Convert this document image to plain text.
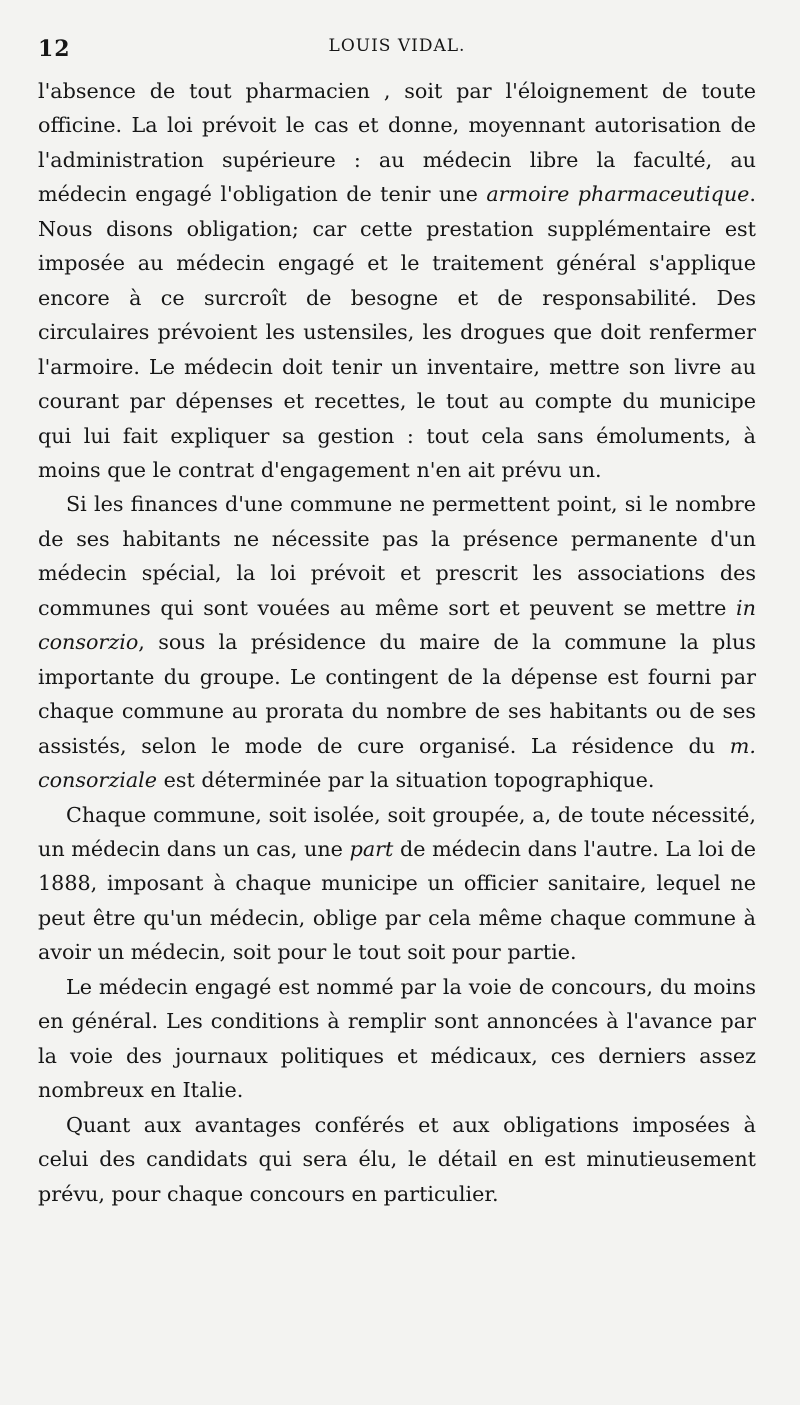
12	LOUIS VIDAL.

l'absence de tout pharmacien , soit par l'éloignement de toute officine. La loi prévoit le cas et donne, moyennant autorisation de l'administration supérieure : au médecin libre la faculté, au médecin engagé l'obligation de tenir une armoire pharmaceutique. Nous disons obligation; car cette prestation supplémentaire est imposée au médecin engagé et le traitement général s'applique encore à ce surcroît de besogne et de responsabilité. Des circulaires prévoient les ustensiles, les drogues que doit renfermer l'armoire. Le médecin doit tenir un inventaire, mettre son livre au courant par dépenses et recettes, le tout au compte du municipe qui lui fait expliquer sa gestion : tout cela sans émoluments, à moins que le contrat d'engagement n'en ait prévu un.

Si les finances d'une commune ne permettent point, si le nombre de ses habitants ne nécessite pas la présence permanente d'un médecin spécial, la loi prévoit et prescrit les associations des communes qui sont vouées au même sort et peuvent se mettre in consorzio, sous la présidence du maire de la commune la plus importante du groupe. Le contingent de la dépense est fourni par chaque commune au prorata du nombre de ses habitants ou de ses assistés, selon le mode de cure organisé. La résidence du m. consorziale est déterminée par la situation topographique.

Chaque commune, soit isolée, soit groupée, a, de toute nécessité, un médecin dans un cas, une part de médecin dans l'autre. La loi de 1888, imposant à chaque municipe un officier sanitaire, lequel ne peut être qu'un médecin, oblige par cela même chaque commune à avoir un médecin, soit pour le tout soit pour partie.

Le médecin engagé est nommé par la voie de concours, du moins en général. Les conditions à remplir sont annoncées à l'avance par la voie des journaux politiques et médicaux, ces derniers assez nombreux en Italie.

Quant aux avantages conférés et aux obligations imposées à celui des candidats qui sera élu, le détail en est minutieusement prévu, pour chaque concours en particulier.
